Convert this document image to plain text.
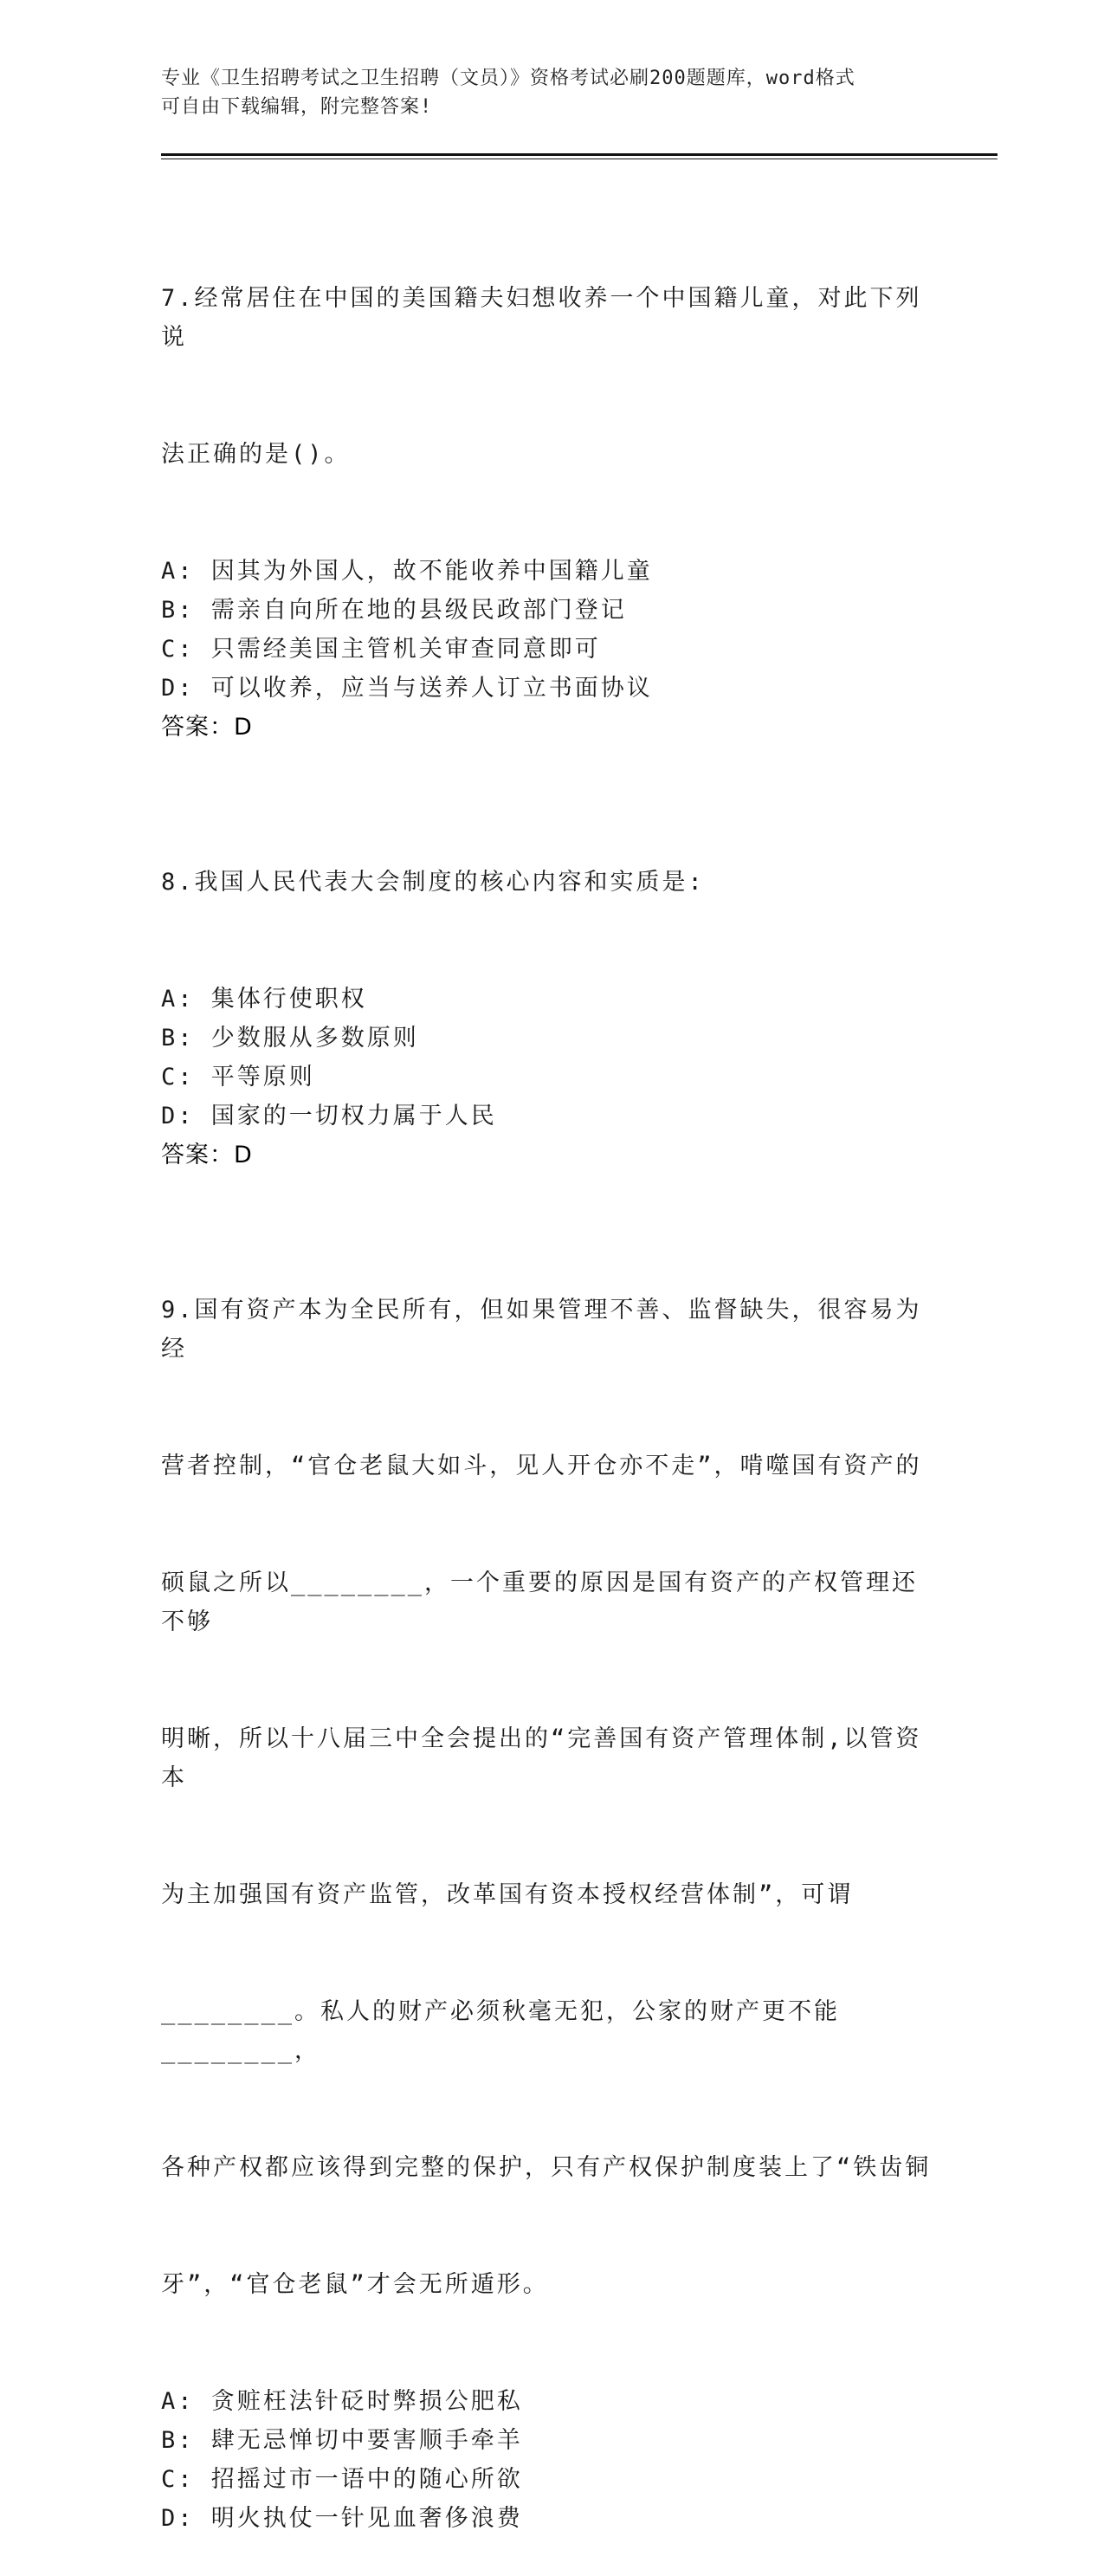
专业《卫生招聘考试之卫生招聘（文员）》资格考试必刷200题题库，word格式
可自由下载编辑，附完整答案!

7.经常居住在中国的美国籍夫妇想收养一个中国籍儿童，对此下列说

法正确的是()。

A: 因其为外国人，故不能收养中国籍儿童
B: 需亲自向所在地的县级民政部门登记
C: 只需经美国主管机关审查同意即可
D: 可以收养，应当与送养人订立书面协议
答案：D

8.我国人民代表大会制度的核心内容和实质是:

A: 集体行使职权
B: 少数服从多数原则
C: 平等原则
D: 国家的一切权力属于人民
答案：D

9.国有资产本为全民所有，但如果管理不善、监督缺失，很容易为经

营者控制，“官仓老鼠大如斗，见人开仓亦不走”，啃噬国有资产的

硕鼠之所以________，一个重要的原因是国有资产的产权管理还不够

明晰，所以十八届三中全会提出的“完善国有资产管理体制,以管资本

为主加强国有资产监管，改革国有资本授权经营体制”，可谓

________。私人的财产必须秋毫无犯，公家的财产更不能________，

各种产权都应该得到完整的保护，只有产权保护制度装上了“铁齿铜

牙”，“官仓老鼠”才会无所遁形。

A: 贪赃枉法针砭时弊损公肥私
B: 肆无忌惮切中要害顺手牵羊
C: 招摇过市一语中的随心所欲
D: 明火执仗一针见血奢侈浪费
